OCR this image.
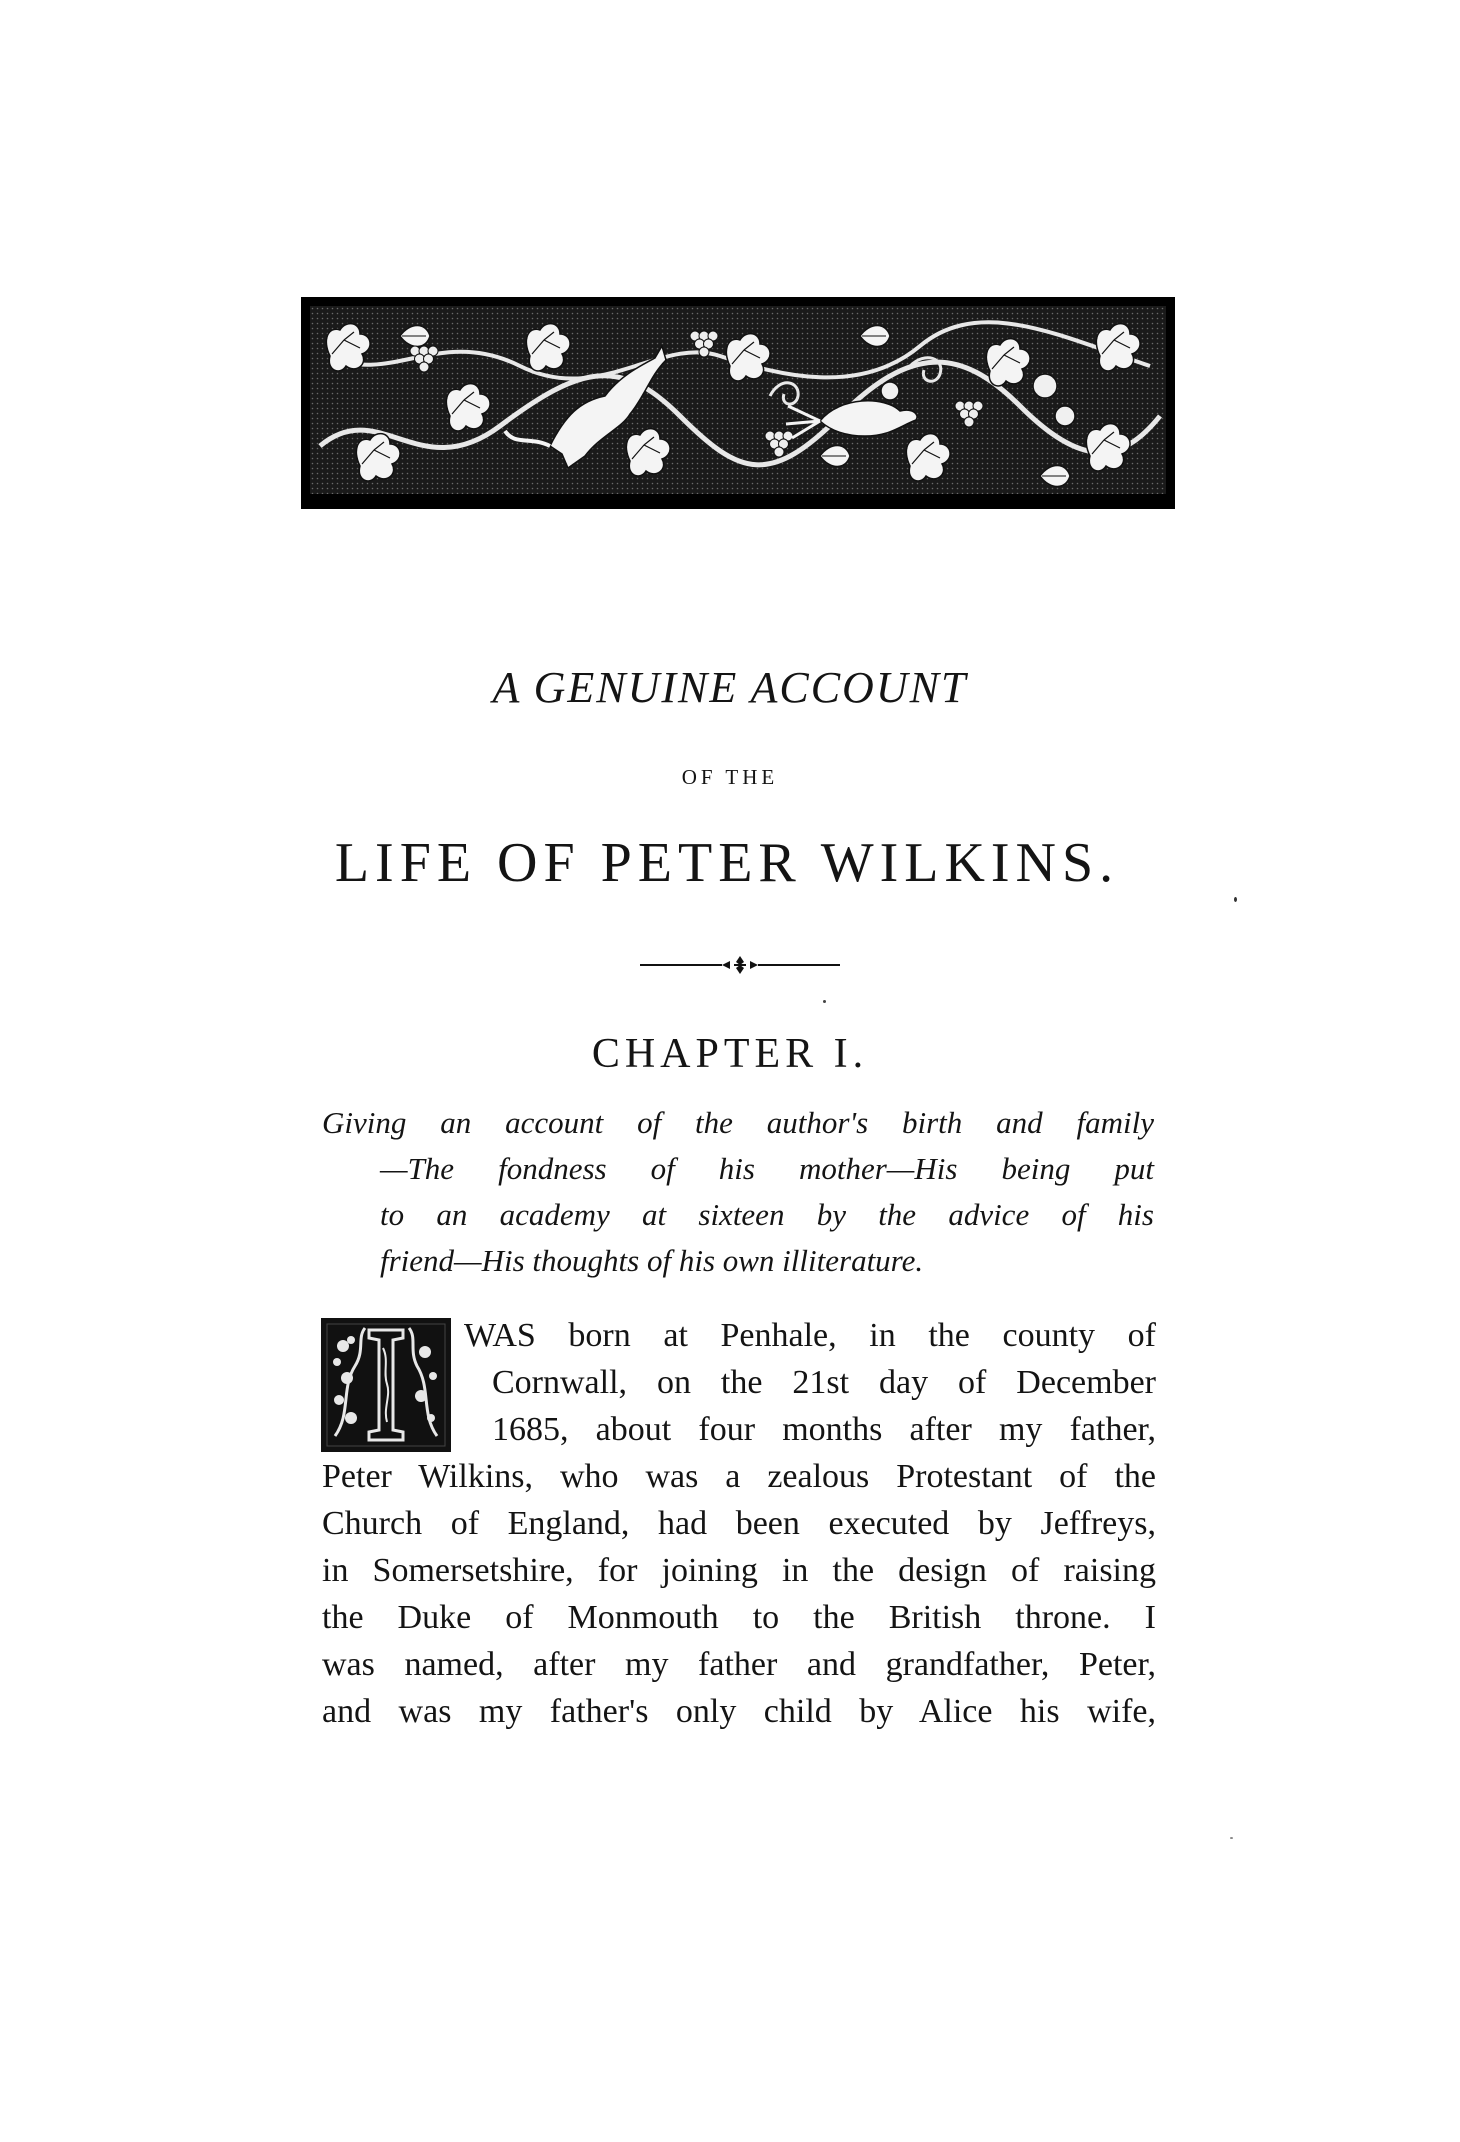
A GENUINE ACCOUNT
OF THE
LIFE OF PETER WILKINS.
CHAPTER I.
Giving an account of the author's birth and family
—The fondness of his mother—His being put
to an academy at sixteen by the advice of his
friend—His thoughts of his own illiterature.
WAS born at Penhale, in the county of
Cornwall, on the 21st day of December
1685, about four months after my father,
Peter Wilkins, who was a zealous Protestant of the
Church of England, had been executed by Jeffreys,
in Somersetshire, for joining in the design of raising
the Duke of Monmouth to the British throne. I
was named, after my father and grandfather, Peter,
and was my father's only child by Alice his wife,
